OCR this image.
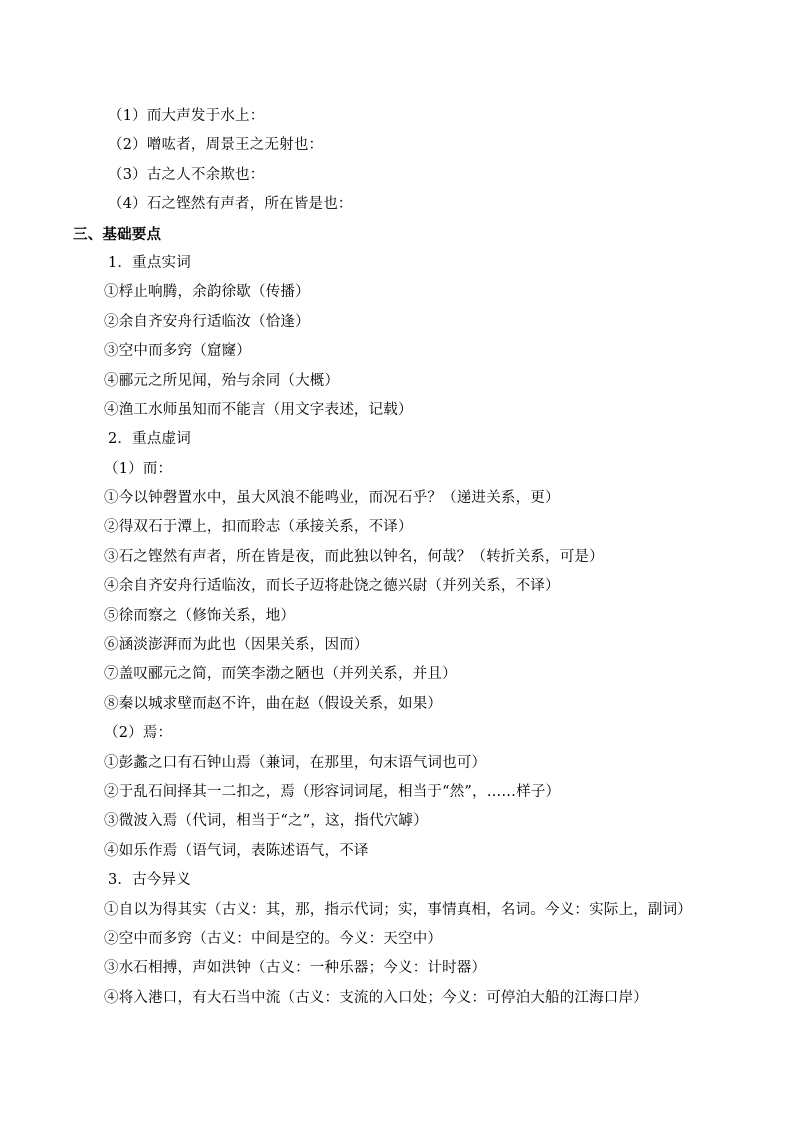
（1）而大声发于水上：
（2）噌吰者，周景王之无射也：
（3）古之人不余欺也：
（4）石之铿然有声者，所在皆是也：
三、基础要点
1．重点实词
①桴止响腾，余韵徐歇（传播）
②余自齐安舟行适临汝（恰逢）
③空中而多窍（窟窿）
④郦元之所见闻，殆与余同（大概）
④渔工水师虽知而不能言（用文字表述，记载）
2．重点虚词
（1）而：
①今以钟磬置水中，虽大风浪不能鸣业，而况石乎？（递进关系，更）
②得双石于潭上，扣而聆志（承接关系，不译）
③石之铿然有声者，所在皆是夜，而此独以钟名，何哉？（转折关系，可是）
④余自齐安舟行适临汝，而长子迈将赴饶之德兴尉（并列关系，不译）
⑤徐而察之（修饰关系，地）
⑥涵淡澎湃而为此也（因果关系，因而）
⑦盖叹郦元之简，而笑李渤之陋也（并列关系，并且）
⑧秦以城求壁而赵不许，曲在赵（假设关系，如果）
（2）焉：
①彭蠡之口有石钟山焉（兼词，在那里，句末语气词也可）
②于乱石间择其一二扣之，焉（形容词词尾，相当于“然”，……样子）
③微波入焉（代词，相当于“之”，这，指代穴罅）
④如乐作焉（语气词，表陈述语气，不译
3．古今异义
①自以为得其实（古义：其，那，指示代词；实，事情真相，名词。今义：实际上，副词）
②空中而多窍（古义：中间是空的。今义：天空中）
③水石相搏，声如洪钟（古义：一种乐器；今义：计时器）
④将入港口，有大石当中流（古义：支流的入口处；今义：可停泊大船的江海口岸）
